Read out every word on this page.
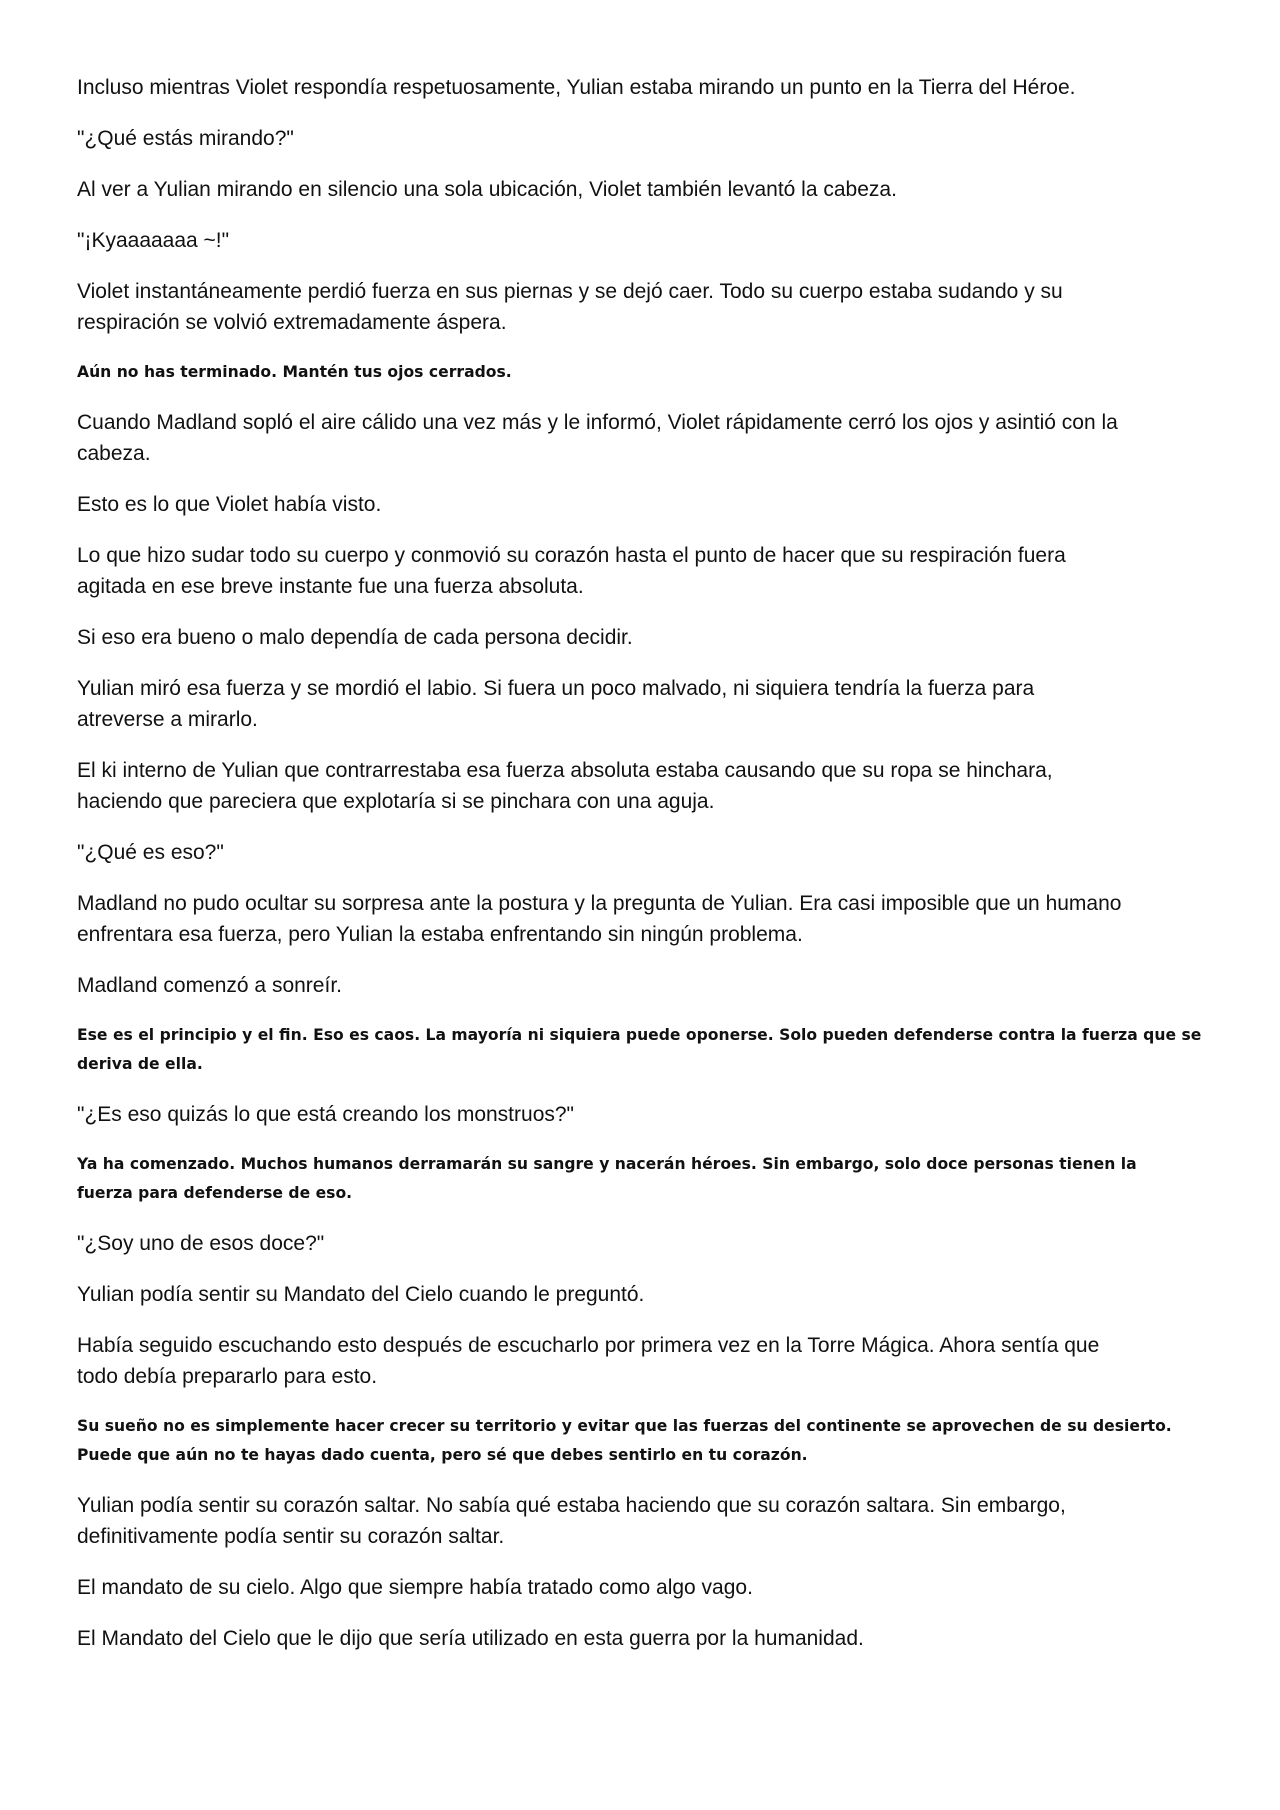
Incluso mientras Violet respondía respetuosamente, Yulian estaba mirando un punto en la Tierra del Héroe.

"¿Qué estás mirando?"

Al ver a Yulian mirando en silencio una sola ubicación, Violet también levantó la cabeza.

"¡Kyaaaaaaa ~!"

Violet instantáneamente perdió fuerza en sus piernas y se dejó caer. Todo su cuerpo estaba sudando y su
respiración se volvió extremadamente áspera.

Aún no has terminado. Mantén tus ojos cerrados.

Cuando Madland sopló el aire cálido una vez más y le informó, Violet rápidamente cerró los ojos y asintió con la
cabeza.

Esto es lo que Violet había visto.

Lo que hizo sudar todo su cuerpo y conmovió su corazón hasta el punto de hacer que su respiración fuera
agitada en ese breve instante fue una fuerza absoluta.

Si eso era bueno o malo dependía de cada persona decidir.

Yulian miró esa fuerza y se mordió el labio. Si fuera un poco malvado, ni siquiera tendría la fuerza para
atreverse a mirarlo.

El ki interno de Yulian que contrarrestaba esa fuerza absoluta estaba causando que su ropa se hinchara,
haciendo que pareciera que explotaría si se pinchara con una aguja.

"¿Qué es eso?"

Madland no pudo ocultar su sorpresa ante la postura y la pregunta de Yulian. Era casi imposible que un humano
enfrentara esa fuerza, pero Yulian la estaba enfrentando sin ningún problema.

Madland comenzó a sonreír.

Ese es el principio y el fin. Eso es caos. La mayoría ni siquiera puede oponerse. Solo pueden defenderse contra la fuerza que se
deriva de ella.

"¿Es eso quizás lo que está creando los monstruos?"

Ya ha comenzado. Muchos humanos derramarán su sangre y nacerán héroes. Sin embargo, solo doce personas tienen la
fuerza para defenderse de eso.

"¿Soy uno de esos doce?"

Yulian podía sentir su Mandato del Cielo cuando le preguntó.

Había seguido escuchando esto después de escucharlo por primera vez en la Torre Mágica. Ahora sentía que
todo debía prepararlo para esto.

Su sueño no es simplemente hacer crecer su territorio y evitar que las fuerzas del continente se aprovechen de su desierto.
Puede que aún no te hayas dado cuenta, pero sé que debes sentirlo en tu corazón.

Yulian podía sentir su corazón saltar. No sabía qué estaba haciendo que su corazón saltara. Sin embargo,
definitivamente podía sentir su corazón saltar.

El mandato de su cielo. Algo que siempre había tratado como algo vago.

El Mandato del Cielo que le dijo que sería utilizado en esta guerra por la humanidad.
